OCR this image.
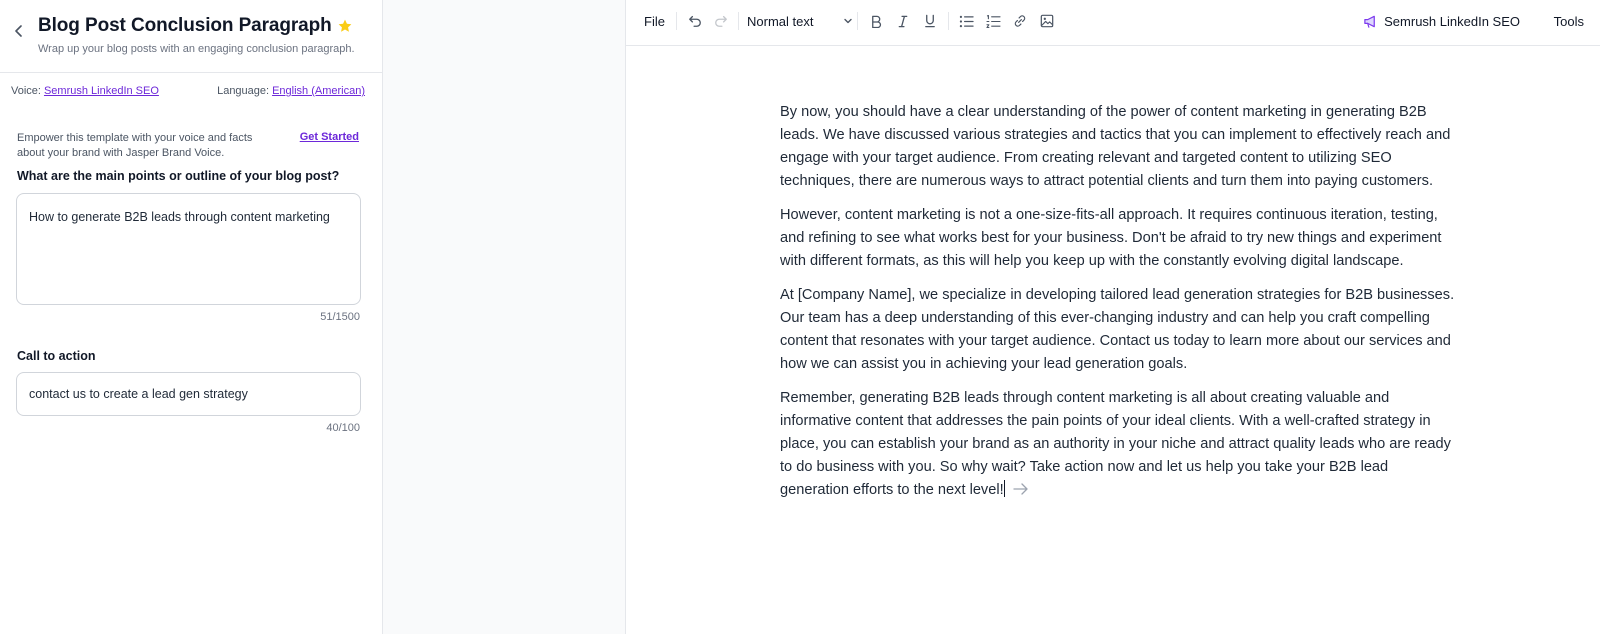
Blog Post Conclusion Paragraph
Wrap up your blog posts with an engaging conclusion paragraph.
Voice: Semrush LinkedIn SEO	Language: English (American)
Empower this template with your voice and facts about your brand with Jasper Brand Voice.
Get Started
What are the main points or outline of your blog post?
How to generate B2B leads through content marketing
51/1500
Call to action
contact us to create a lead gen strategy
40/100
File	Normal text	Semrush LinkedIn SEO	Tools

By now, you should have a clear understanding of the power of content marketing in generating B2B leads. We have discussed various strategies and tactics that you can implement to effectively reach and engage with your target audience. From creating relevant and targeted content to utilizing SEO techniques, there are numerous ways to attract potential clients and turn them into paying customers.

However, content marketing is not a one-size-fits-all approach. It requires continuous iteration, testing, and refining to see what works best for your business. Don't be afraid to try new things and experiment with different formats, as this will help you keep up with the constantly evolving digital landscape.

At [Company Name], we specialize in developing tailored lead generation strategies for B2B businesses. Our team has a deep understanding of this ever-changing industry and can help you craft compelling content that resonates with your target audience. Contact us today to learn more about our services and how we can assist you in achieving your lead generation goals.

Remember, generating B2B leads through content marketing is all about creating valuable and informative content that addresses the pain points of your ideal clients. With a well-crafted strategy in place, you can establish your brand as an authority in your niche and attract quality leads who are ready to do business with you. So why wait? Take action now and let us help you take your B2B lead generation efforts to the next level!
